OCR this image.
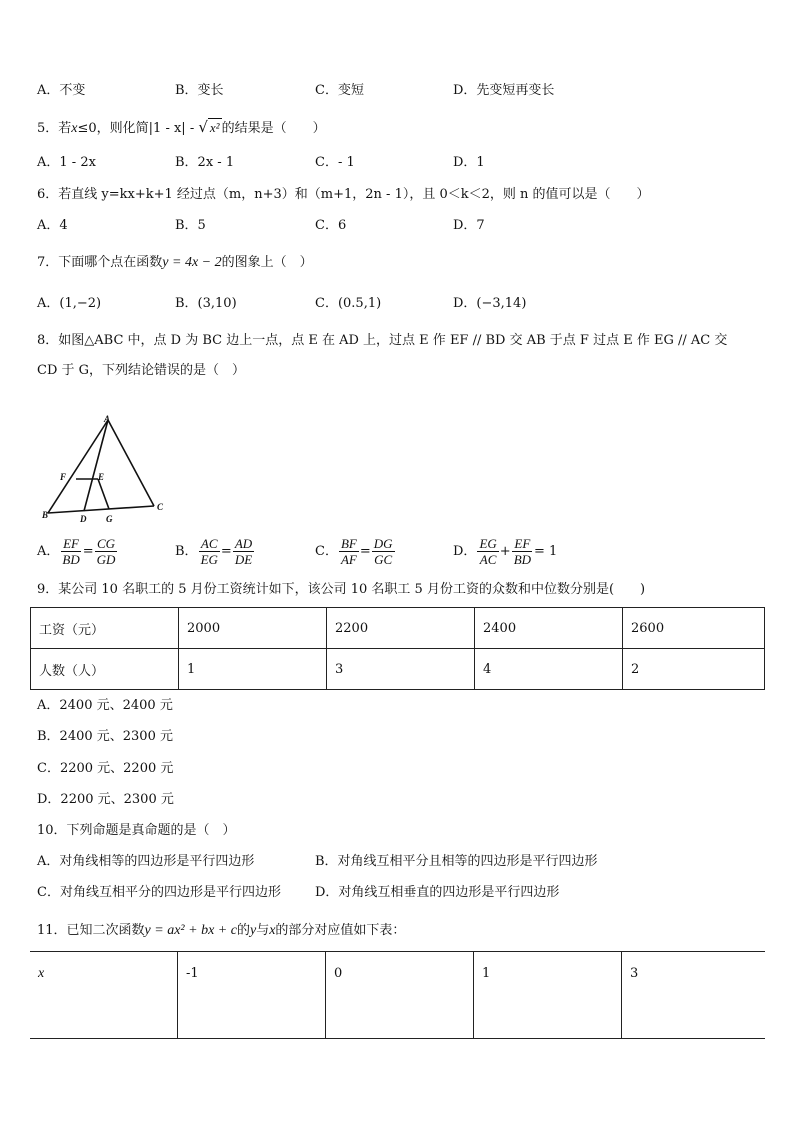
A．不变	B．变长	C．变短	D．先变短再变长
5．若x≤0，则化简|1 - x| - √ x² 的结果是（　　）
A．1 - 2x	B．2x - 1	C．- 1	D．1
6．若直线 y=kx+k+1 经过点（m，n+3）和（m+1，2n - 1），且 0＜k＜2，则 n 的值可以是（　　）
A．4	B．5	C．6	D．7
7．下面哪个点在函数y = 4x − 2的图象上（　）
A．(1,−2)	B．(3,10)	C．(0.5,1)	D．(−3,14)
8．如图△ABC 中，点 D 为 BC 边上一点，点 E 在 AD 上，过点 E 作 EF // BD 交 AB 于点 F 过点 E 作 EG // AC 交
CD 于 G，下列结论错误的是（　）
A
B
C
D
E
F
G
A． $\frac{EF}{BD} = \frac{CG}{GD}$	B． $\frac{AC}{EG} = \frac{AD}{DE}$	C． $\frac{BF}{AF} = \frac{DG}{GC}$	D． $\frac{EG}{AC} + \frac{EF}{BD} = 1$
9．某公司 10 名职工的 5 月份工资统计如下，该公司 10 名职工 5 月份工资的众数和中位数分别是(　　)
工资（元）	2000	2200	2400	2600
人数（人）	1	3	4	2
A．2400 元、2400 元
B．2400 元、2300 元
C．2200 元、2200 元
D．2200 元、2300 元
10．下列命题是真命题的是（　）
A．对角线相等的四边形是平行四边形	B．对角线互相平分且相等的四边形是平行四边形
C．对角线互相平分的四边形是平行四边形	D．对角线互相垂直的四边形是平行四边形
11．已知二次函数y = ax² + bx + c的y与x的部分对应值如下表：
x	-1	0	1	3
